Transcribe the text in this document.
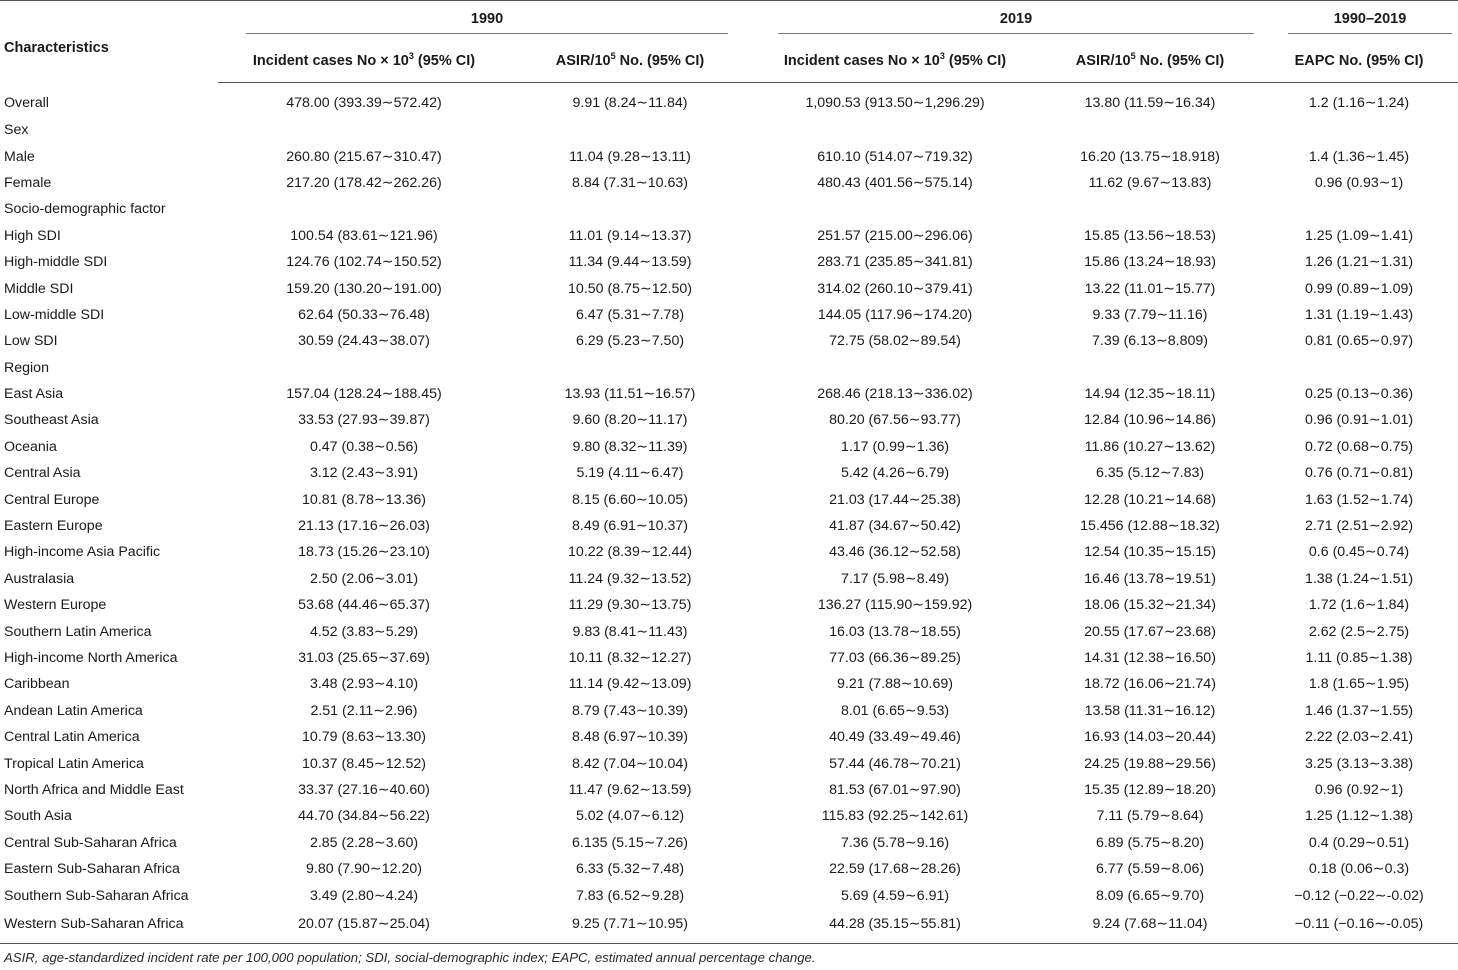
Characteristics	1990		2019		1990–2019

	Incident cases $No \times 10^3$ (95% CI)	ASIR/$10^5$ No. (95% CI)	Incident cases $No \times 10^3$ (95% CI)	ASIR/$10^5$ No. (95% CI)	EAPC No. (95% CI)
Overall	478.00 (393.39∼572.42)	9.91 (8.24∼11.84)	1,090.53 (913.50∼1,296.29)	13.80 (11.59∼16.34)	1.2 (1.16∼1.24)
Sex					
Male	260.80 (215.67∼310.47)	11.04 (9.28∼13.11)	610.10 (514.07∼719.32)	16.20 (13.75∼18.918)	1.4 (1.36∼1.45)
Female	217.20 (178.42∼262.26)	8.84 (7.31∼10.63)	480.43 (401.56∼575.14)	11.62 (9.67∼13.83)	0.96 (0.93∼1)
Socio-demographic factor					
High SDI	100.54 (83.61∼121.96)	11.01 (9.14∼13.37)	251.57 (215.00∼296.06)	15.85 (13.56∼18.53)	1.25 (1.09∼1.41)
High-middle SDI	124.76 (102.74∼150.52)	11.34 (9.44∼13.59)	283.71 (235.85∼341.81)	15.86 (13.24∼18.93)	1.26 (1.21∼1.31)
Middle SDI	159.20 (130.20∼191.00)	10.50 (8.75∼12.50)	314.02 (260.10∼379.41)	13.22 (11.01∼15.77)	0.99 (0.89∼1.09)
Low-middle SDI	62.64 (50.33∼76.48)	6.47 (5.31∼7.78)	144.05 (117.96∼174.20)	9.33 (7.79∼11.16)	1.31 (1.19∼1.43)
Low SDI	30.59 (24.43∼38.07)	6.29 (5.23∼7.50)	72.75 (58.02∼89.54)	7.39 (6.13∼8.809)	0.81 (0.65∼0.97)
Region					
East Asia	157.04 (128.24∼188.45)	13.93 (11.51∼16.57)	268.46 (218.13∼336.02)	14.94 (12.35∼18.11)	0.25 (0.13∼0.36)
Southeast Asia	33.53 (27.93∼39.87)	9.60 (8.20∼11.17)	80.20 (67.56∼93.77)	12.84 (10.96∼14.86)	0.96 (0.91∼1.01)
Oceania	0.47 (0.38∼0.56)	9.80 (8.32∼11.39)	1.17 (0.99∼1.36)	11.86 (10.27∼13.62)	0.72 (0.68∼0.75)
Central Asia	3.12 (2.43∼3.91)	5.19 (4.11∼6.47)	5.42 (4.26∼6.79)	6.35 (5.12∼7.83)	0.76 (0.71∼0.81)
Central Europe	10.81 (8.78∼13.36)	8.15 (6.60∼10.05)	21.03 (17.44∼25.38)	12.28 (10.21∼14.68)	1.63 (1.52∼1.74)
Eastern Europe	21.13 (17.16∼26.03)	8.49 (6.91∼10.37)	41.87 (34.67∼50.42)	15.456 (12.88∼18.32)	2.71 (2.51∼2.92)
High-income Asia Pacific	18.73 (15.26∼23.10)	10.22 (8.39∼12.44)	43.46 (36.12∼52.58)	12.54 (10.35∼15.15)	0.6 (0.45∼0.74)
Australasia	2.50 (2.06∼3.01)	11.24 (9.32∼13.52)	7.17 (5.98∼8.49)	16.46 (13.78∼19.51)	1.38 (1.24∼1.51)
Western Europe	53.68 (44.46∼65.37)	11.29 (9.30∼13.75)	136.27 (115.90∼159.92)	18.06 (15.32∼21.34)	1.72 (1.6∼1.84)
Southern Latin America	4.52 (3.83∼5.29)	9.83 (8.41∼11.43)	16.03 (13.78∼18.55)	20.55 (17.67∼23.68)	2.62 (2.5∼2.75)
High-income North America	31.03 (25.65∼37.69)	10.11 (8.32∼12.27)	77.03 (66.36∼89.25)	14.31 (12.38∼16.50)	1.11 (0.85∼1.38)
Caribbean	3.48 (2.93∼4.10)	11.14 (9.42∼13.09)	9.21 (7.88∼10.69)	18.72 (16.06∼21.74)	1.8 (1.65∼1.95)
Andean Latin America	2.51 (2.11∼2.96)	8.79 (7.43∼10.39)	8.01 (6.65∼9.53)	13.58 (11.31∼16.12)	1.46 (1.37∼1.55)
Central Latin America	10.79 (8.63∼13.30)	8.48 (6.97∼10.39)	40.49 (33.49∼49.46)	16.93 (14.03∼20.44)	2.22 (2.03∼2.41)
Tropical Latin America	10.37 (8.45∼12.52)	8.42 (7.04∼10.04)	57.44 (46.78∼70.21)	24.25 (19.88∼29.56)	3.25 (3.13∼3.38)
North Africa and Middle East	33.37 (27.16∼40.60)	11.47 (9.62∼13.59)	81.53 (67.01∼97.90)	15.35 (12.89∼18.20)	0.96 (0.92∼1)
South Asia	44.70 (34.84∼56.22)	5.02 (4.07∼6.12)	115.83 (92.25∼142.61)	7.11 (5.79∼8.64)	1.25 (1.12∼1.38)
Central Sub-Saharan Africa	2.85 (2.28∼3.60)	6.135 (5.15∼7.26)	7.36 (5.78∼9.16)	6.89 (5.75∼8.20)	0.4 (0.29∼0.51)
Eastern Sub-Saharan Africa	9.80 (7.90∼12.20)	6.33 (5.32∼7.48)	22.59 (17.68∼28.26)	6.77 (5.59∼8.06)	0.18 (0.06∼0.3)
Southern Sub-Saharan Africa	3.49 (2.80∼4.24)	7.83 (6.52∼9.28)	5.69 (4.59∼6.91)	8.09 (6.65∼9.70)	−0.12 (−0.22∼-0.02)
Western Sub-Saharan Africa	20.07 (15.87∼25.04)	9.25 (7.71∼10.95)	44.28 (35.15∼55.81)	9.24 (7.68∼11.04)	−0.11 (−0.16∼-0.05)
ASIR, age-standardized incident rate per 100,000 population; SDI, social-demographic index; EAPC, estimated annual percentage change.
